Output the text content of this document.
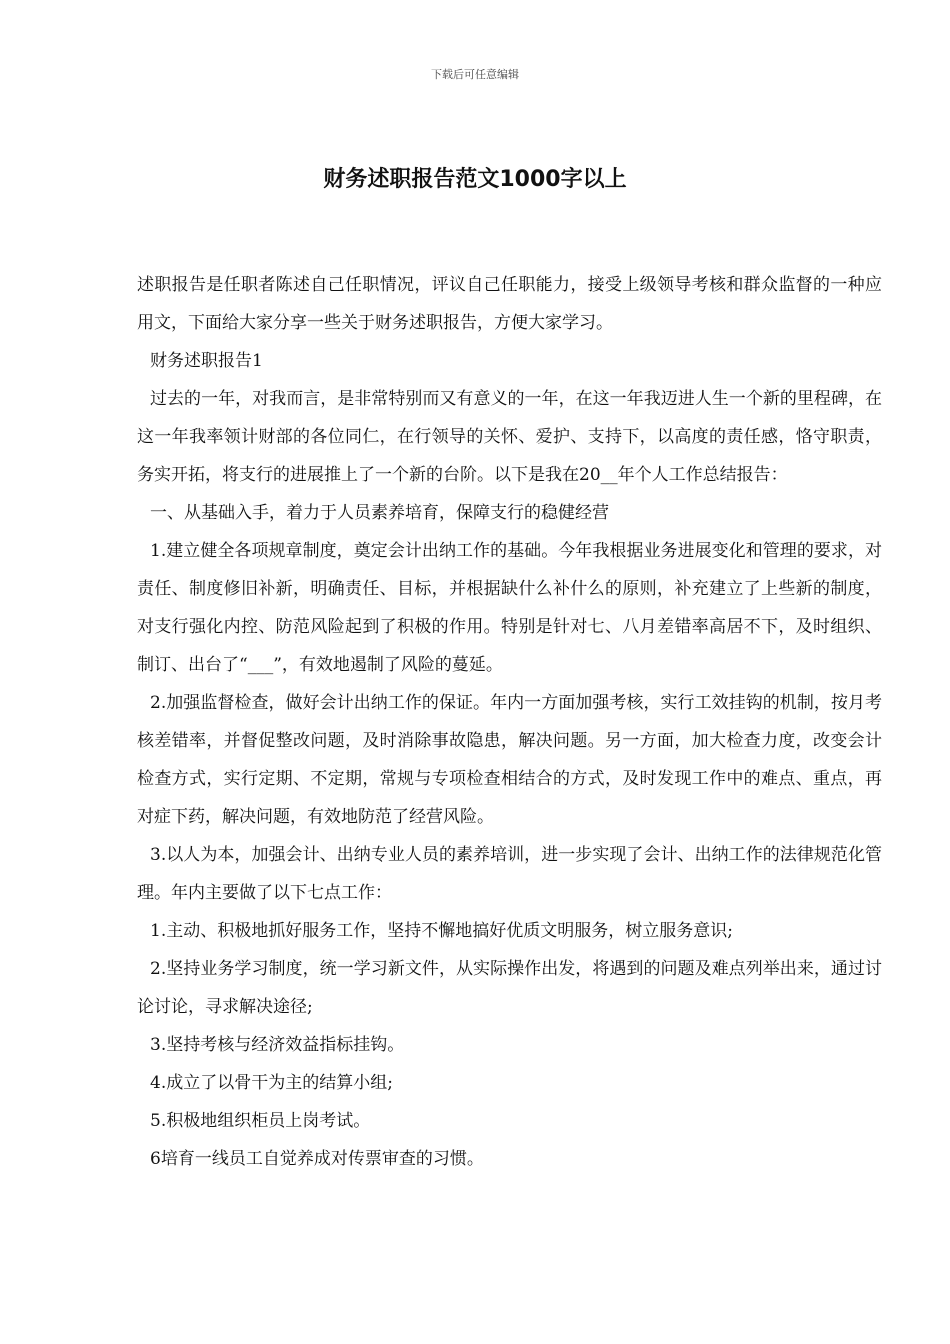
下载后可任意编辑
财务述职报告范文1000字以上

述职报告是任职者陈述自己任职情况，评议自己任职能力，接受上级领导考核和群众监督的一种应用文，下面给大家分享一些关于财务述职报告，方便大家学习。

财务述职报告1

过去的一年，对我而言，是非常特别而又有意义的一年，在这一年我迈进人生一个新的里程碑，在这一年我率领计财部的各位同仁，在行领导的关怀、爱护、支持下，以高度的责任感，恪守职责，务实开拓，将支行的进展推上了一个新的台阶。以下是我在20__年个人工作总结报告：

一、从基础入手，着力于人员素养培育，保障支行的稳健经营

1.建立健全各项规章制度，奠定会计出纳工作的基础。今年我根据业务进展变化和管理的要求，对责任、制度修旧补新，明确责任、目标，并根据缺什么补什么的原则，补充建立了上些新的制度，对支行强化内控、防范风险起到了积极的作用。特别是针对七、八月差错率高居不下，及时组织、制订、出台了“___”，有效地遏制了风险的蔓延。

2.加强监督检查，做好会计出纳工作的保证。年内一方面加强考核，实行工效挂钩的机制，按月考核差错率，并督促整改问题，及时消除事故隐患，解决问题。另一方面，加大检查力度，改变会计检查方式，实行定期、不定期，常规与专项检查相结合的方式，及时发现工作中的难点、重点，再对症下药，解决问题，有效地防范了经营风险。

3.以人为本，加强会计、出纳专业人员的素养培训，进一步实现了会计、出纳工作的法律规范化管理。年内主要做了以下七点工作：

1.主动、积极地抓好服务工作，坚持不懈地搞好优质文明服务，树立服务意识;

2.坚持业务学习制度，统一学习新文件，从实际操作出发，将遇到的问题及难点列举出来，通过讨论讨论，寻求解决途径;

3.坚持考核与经济效益指标挂钩。

4.成立了以骨干为主的结算小组;

5.积极地组织柜员上岗考试。

6培育一线员工自觉养成对传票审查的习惯。
